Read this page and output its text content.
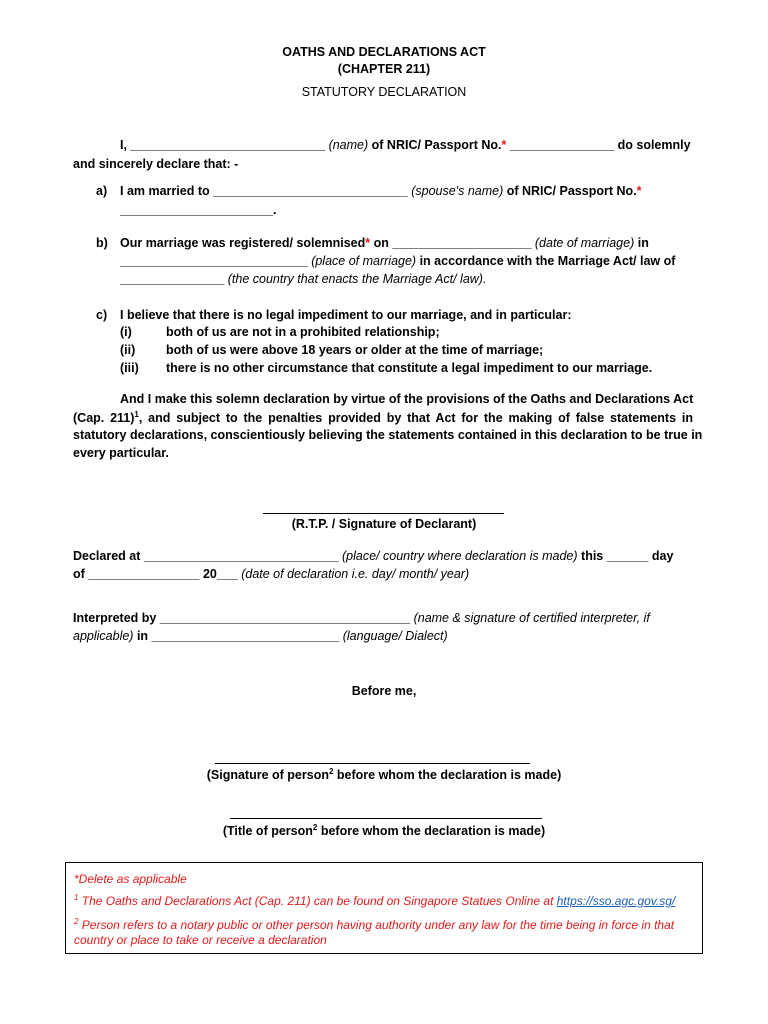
OATHS AND DECLARATIONS ACT
(CHAPTER 211)
STATUTORY DECLARATION
I, ____________________________ (name) of NRIC/ Passport No.* _______________ do solemnly
and sincerely declare that: -
a) I am married to ____________________________ (spouse's name) of NRIC/ Passport No.*
______________________.
b) Our marriage was registered/ solemnised* on ____________________ (date of marriage) in
___________________________ (place of marriage) in accordance with the Marriage Act/ law of
_______________ (the country that enacts the Marriage Act/ law).
c) I believe that there is no legal impediment to our marriage, and in particular:
(i)	both of us are not in a prohibited relationship;
(ii) both of us were above 18 years or older at the time of marriage;
(iii) there is no other circumstance that constitute a legal impediment to our marriage.
And I make this solemn declaration by virtue of the provisions of the Oaths and Declarations Act
(Cap. 211)$^1$, and subject to the penalties provided by that Act for the making of false statements in
statutory declarations, conscientiously believing the statements contained in this declaration to be true in
every particular.
(R.T.P. / Signature of Declarant)
Declared at ____________________________ (place/ country where declaration is made) this ______ day
of ________________ 20___ (date of declaration i.e. day/ month/ year)
Interpreted by ____________________________________ (name & signature of certified interpreter, if
applicable) in ___________________________ (language/ Dialect)
Before me,
(Signature of person$^2$ before whom the declaration is made)
(Title of person$^2$ before whom the declaration is made)
*Delete as applicable
$^1$ The Oaths and Declarations Act (Cap. 211) can be found on Singapore Statues Online at https://sso.agc.gov.sg/
$^2$ Person refers to a notary public or other person having authority under any law for the time being in force in that
country or place to take or receive a declaration
